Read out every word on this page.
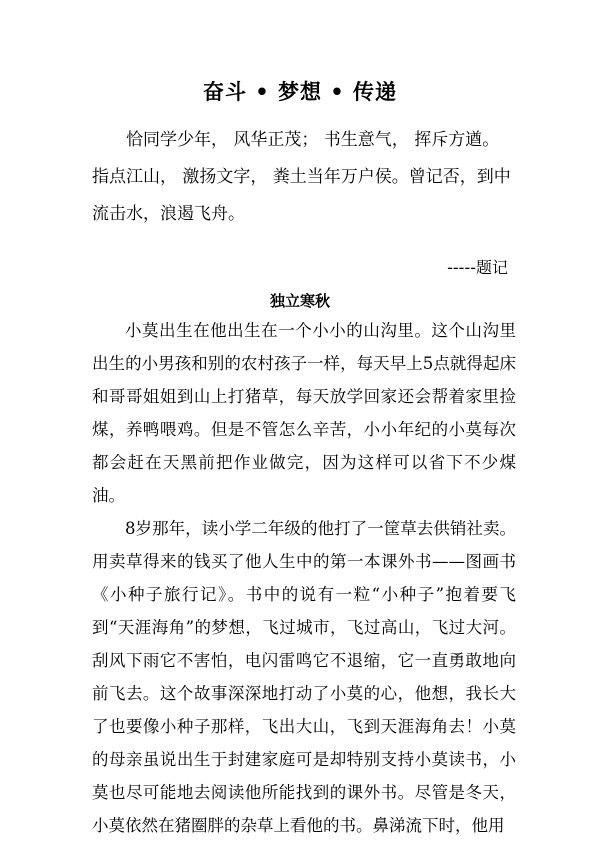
奋斗 • 梦想 • 传递

恰同学少年， 风华正茂； 书生意气， 挥斥方遒。 指点江山， 激扬文字， 粪土当年万户侯。曾记否，到中流击水，浪遏飞舟。

-----题记
独立寒秋

小莫出生在他出生在一个小小的山沟里。这个山沟里出生的小男孩和别的农村孩子一样，每天早上5点就得起床和哥哥姐姐到山上打猪草，每天放学回家还会帮着家里捡煤，养鸭喂鸡。但是不管怎么辛苦，小小年纪的小莫每次都会赶在天黑前把作业做完，因为这样可以省下不少煤油。

8岁那年，读小学二年级的他打了一筐草去供销社卖。用卖草得来的钱买了他人生中的第一本课外书——图画书《小种子旅行记》。书中的说有一粒“小种子”抱着要飞到“天涯海角”的梦想，飞过城市，飞过高山，飞过大河。刮风下雨它不害怕，电闪雷鸣它不退缩，它一直勇敢地向前飞去。这个故事深深地打动了小莫的心，他想，我长大了也要像小种子那样，飞出大山，飞到天涯海角去！小莫的母亲虽说出生于封建家庭可是却特别支持小莫读书，小莫也尽可能地去阅读他所能找到的课外书。尽管是冬天，小莫依然在猪圈胖的杂草上看他的书。鼻涕流下时，他用
